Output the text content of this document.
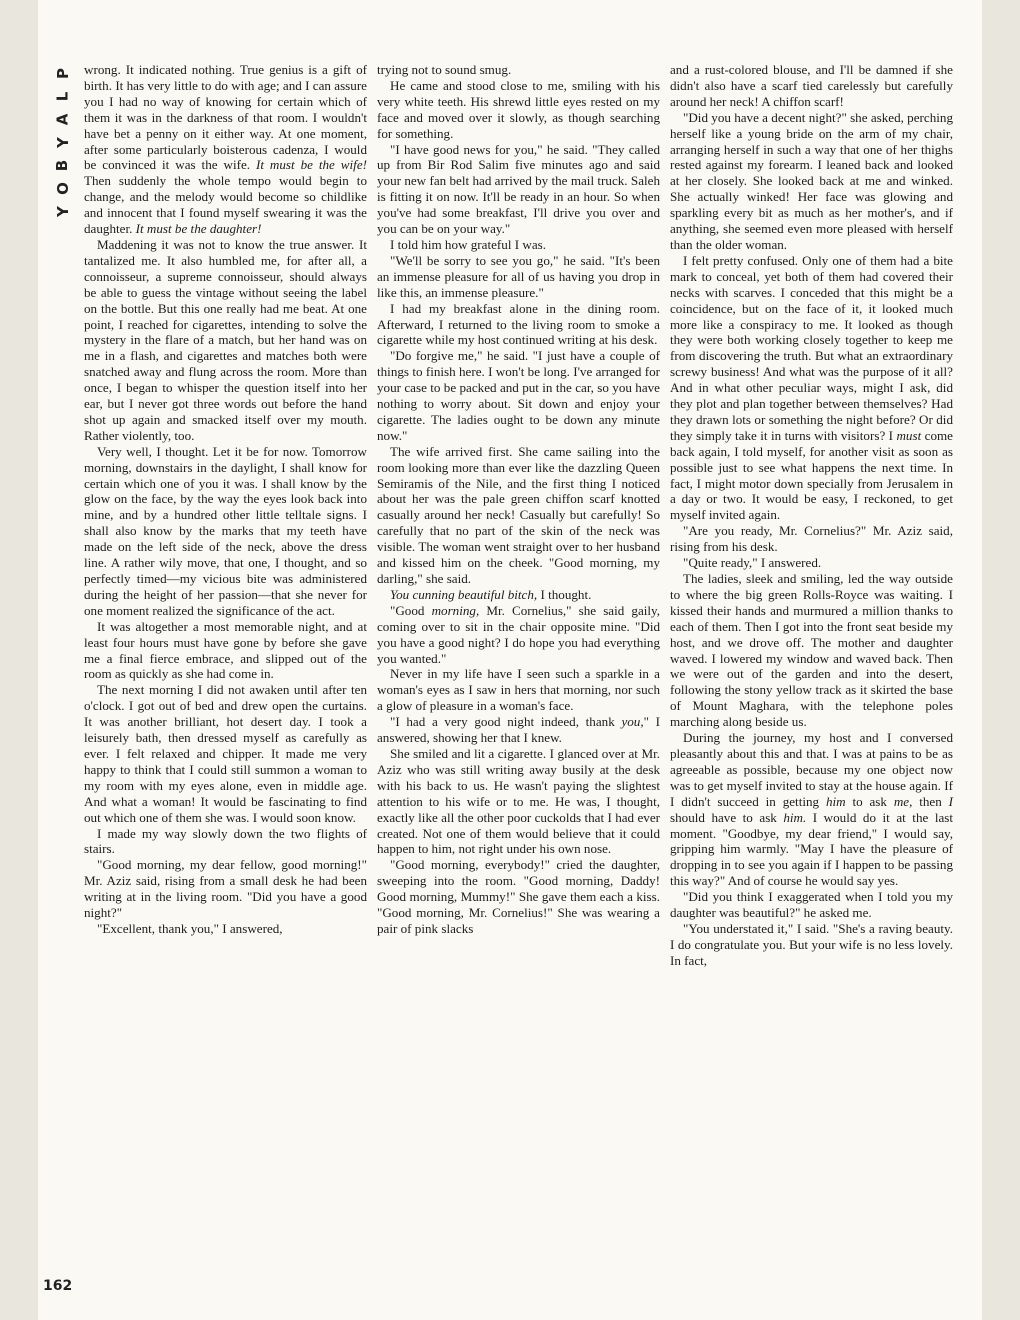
P
L
A
Y
B
O
Y

wrong. It indicated nothing. True genius is a gift of birth. It has very little to do with age; and I can assure you I had no way of knowing for certain which of them it was in the darkness of that room. I wouldn't have bet a penny on it either way. At one moment, after some particularly boisterous cadenza, I would be convinced it was the wife. It must be the wife! Then suddenly the whole tempo would begin to change, and the melody would become so childlike and innocent that I found myself swearing it was the daughter. It must be the daughter!

Maddening it was not to know the true answer. It tantalized me. It also humbled me, for after all, a connoisseur, a supreme connoisseur, should always be able to guess the vintage without seeing the label on the bottle. But this one really had me beat. At one point, I reached for cigarettes, intending to solve the mystery in the flare of a match, but her hand was on me in a flash, and cigarettes and matches both were snatched away and flung across the room. More than once, I began to whisper the question itself into her ear, but I never got three words out before the hand shot up again and smacked itself over my mouth. Rather violently, too.

Very well, I thought. Let it be for now. Tomorrow morning, downstairs in the daylight, I shall know for certain which one of you it was. I shall know by the glow on the face, by the way the eyes look back into mine, and by a hundred other little telltale signs. I shall also know by the marks that my teeth have made on the left side of the neck, above the dress line. A rather wily move, that one, I thought, and so perfectly timed—my vicious bite was administered during the height of her passion—that she never for one moment realized the significance of the act.

It was altogether a most memorable night, and at least four hours must have gone by before she gave me a final fierce embrace, and slipped out of the room as quickly as she had come in.

The next morning I did not awaken until after ten o'clock. I got out of bed and drew open the curtains. It was another brilliant, hot desert day. I took a leisurely bath, then dressed myself as carefully as ever. I felt relaxed and chipper. It made me very happy to think that I could still summon a woman to my room with my eyes alone, even in middle age. And what a woman! It would be fascinating to find out which one of them she was. I would soon know.

I made my way slowly down the two flights of stairs.

"Good morning, my dear fellow, good morning!" Mr. Aziz said, rising from a small desk he had been writing at in the living room. "Did you have a good night?"

"Excellent, thank you," I answered,

trying not to sound smug.

He came and stood close to me, smiling with his very white teeth. His shrewd little eyes rested on my face and moved over it slowly, as though searching for something.

"I have good news for you," he said. "They called up from Bir Rod Salim five minutes ago and said your new fan belt had arrived by the mail truck. Saleh is fitting it on now. It'll be ready in an hour. So when you've had some breakfast, I'll drive you over and you can be on your way."

I told him how grateful I was.

"We'll be sorry to see you go," he said. "It's been an immense pleasure for all of us having you drop in like this, an immense pleasure."

I had my breakfast alone in the dining room. Afterward, I returned to the living room to smoke a cigarette while my host continued writing at his desk.

"Do forgive me," he said. "I just have a couple of things to finish here. I won't be long. I've arranged for your case to be packed and put in the car, so you have nothing to worry about. Sit down and enjoy your cigarette. The ladies ought to be down any minute now."

The wife arrived first. She came sailing into the room looking more than ever like the dazzling Queen Semiramis of the Nile, and the first thing I noticed about her was the pale green chiffon scarf knotted casually around her neck! Casually but carefully! So carefully that no part of the skin of the neck was visible. The woman went straight over to her husband and kissed him on the cheek. "Good morning, my darling," she said.

You cunning beautiful bitch, I thought.

"Good morning, Mr. Cornelius," she said gaily, coming over to sit in the chair opposite mine. "Did you have a good night? I do hope you had everything you wanted."

Never in my life have I seen such a sparkle in a woman's eyes as I saw in hers that morning, nor such a glow of pleasure in a woman's face.

"I had a very good night indeed, thank you," I answered, showing her that I knew.

She smiled and lit a cigarette. I glanced over at Mr. Aziz who was still writing away busily at the desk with his back to us. He wasn't paying the slightest attention to his wife or to me. He was, I thought, exactly like all the other poor cuckolds that I had ever created. Not one of them would believe that it could happen to him, not right under his own nose.

"Good morning, everybody!" cried the daughter, sweeping into the room. "Good morning, Daddy! Good morning, Mummy!" She gave them each a kiss. "Good morning, Mr. Cornelius!" She was wearing a pair of pink slacks

and a rust-colored blouse, and I'll be damned if she didn't also have a scarf tied carelessly but carefully around her neck! A chiffon scarf!

"Did you have a decent night?" she asked, perching herself like a young bride on the arm of my chair, arranging herself in such a way that one of her thighs rested against my forearm. I leaned back and looked at her closely. She looked back at me and winked. She actually winked! Her face was glowing and sparkling every bit as much as her mother's, and if anything, she seemed even more pleased with herself than the older woman.

I felt pretty confused. Only one of them had a bite mark to conceal, yet both of them had covered their necks with scarves. I conceded that this might be a coincidence, but on the face of it, it looked much more like a conspiracy to me. It looked as though they were both working closely together to keep me from discovering the truth. But what an extraordinary screwy business! And what was the purpose of it all? And in what other peculiar ways, might I ask, did they plot and plan together between themselves? Had they drawn lots or something the night before? Or did they simply take it in turns with visitors? I must come back again, I told myself, for another visit as soon as possible just to see what happens the next time. In fact, I might motor down specially from Jerusalem in a day or two. It would be easy, I reckoned, to get myself invited again.

"Are you ready, Mr. Cornelius?" Mr. Aziz said, rising from his desk.

"Quite ready," I answered.

The ladies, sleek and smiling, led the way outside to where the big green Rolls-Royce was waiting. I kissed their hands and murmured a million thanks to each of them. Then I got into the front seat beside my host, and we drove off. The mother and daughter waved. I lowered my window and waved back. Then we were out of the garden and into the desert, following the stony yellow track as it skirted the base of Mount Maghara, with the telephone poles marching along beside us.

During the journey, my host and I conversed pleasantly about this and that. I was at pains to be as agreeable as possible, because my one object now was to get myself invited to stay at the house again. If I didn't succeed in getting him to ask me, then I should have to ask him. I would do it at the last moment. "Goodbye, my dear friend," I would say, gripping him warmly. "May I have the pleasure of dropping in to see you again if I happen to be passing this way?" And of course he would say yes.

"Did you think I exaggerated when I told you my daughter was beautiful?" he asked me.

"You understated it," I said. "She's a raving beauty. I do congratulate you. But your wife is no less lovely. In fact,

162
